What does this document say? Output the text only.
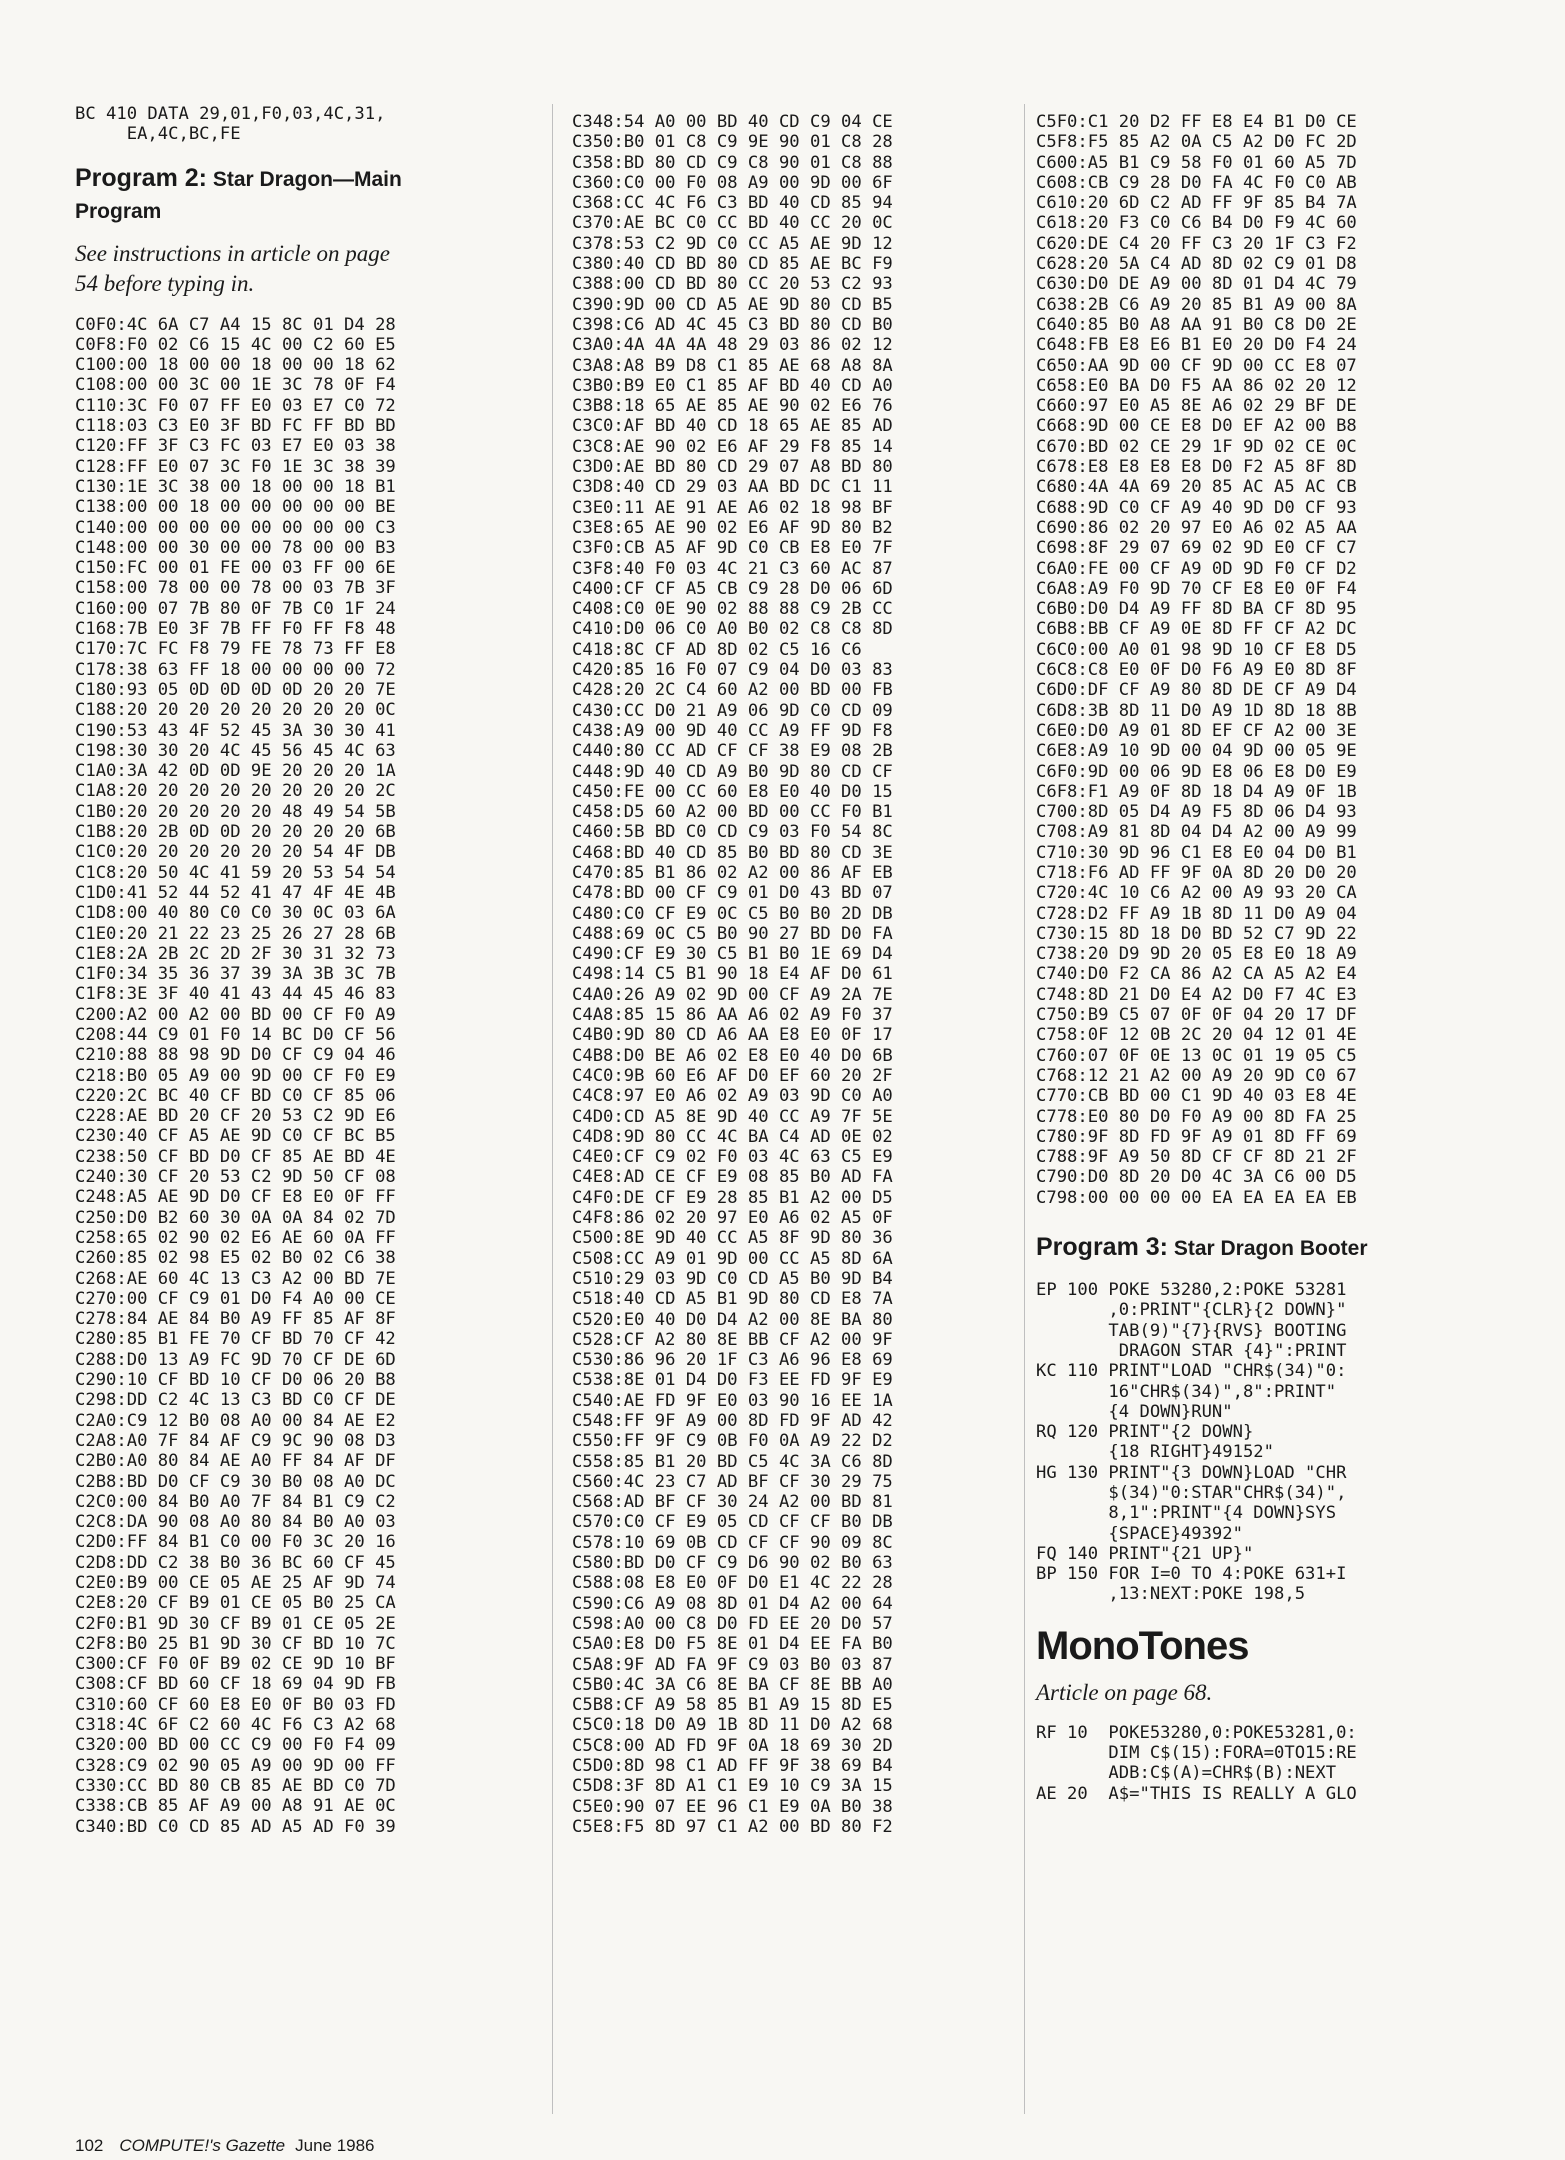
BC 410 DATA 29,01,F0,03,4C,31,
EA,4C,BC,FE
Program 2: Star Dragon—Main
Program
See instructions in article on page
54 before typing in.
C0F0:4C 6A C7 A4 15 8C 01 D4 28
C0F8:F0 02 C6 15 4C 00 C2 60 E5
C100:00 18 00 00 18 00 00 18 62
C108:00 00 3C 00 1E 3C 78 0F F4
C110:3C F0 07 FF E0 03 E7 C0 72
C118:03 C3 E0 3F BD FC FF BD BD
C120:FF 3F C3 FC 03 E7 E0 03 38
C128:FF E0 07 3C F0 1E 3C 38 39
C130:1E 3C 38 00 18 00 00 18 B1
C138:00 00 18 00 00 00 00 00 BE
C140:00 00 00 00 00 00 00 00 C3
C148:00 00 30 00 00 78 00 00 B3
C150:FC 00 01 FE 00 03 FF 00 6E
C158:00 78 00 00 78 00 03 7B 3F
C160:00 07 7B 80 0F 7B C0 1F 24
C168:7B E0 3F 7B FF F0 FF F8 48
C170:7C FC F8 79 FE 78 73 FF E8
C178:38 63 FF 18 00 00 00 00 72
C180:93 05 0D 0D 0D 0D 20 20 7E
C188:20 20 20 20 20 20 20 20 0C
C190:53 43 4F 52 45 3A 30 30 41
C198:30 30 20 4C 45 56 45 4C 63
C1A0:3A 42 0D 0D 9E 20 20 20 1A
C1A8:20 20 20 20 20 20 20 20 2C
C1B0:20 20 20 20 20 48 49 54 5B
C1B8:20 2B 0D 0D 20 20 20 20 6B
C1C0:20 20 20 20 20 20 54 4F DB
C1C8:20 50 4C 41 59 20 53 54 54
C1D0:41 52 44 52 41 47 4F 4E 4B
C1D8:00 40 80 C0 C0 30 0C 03 6A
C1E0:20 21 22 23 25 26 27 28 6B
C1E8:2A 2B 2C 2D 2F 30 31 32 73
C1F0:34 35 36 37 39 3A 3B 3C 7B
C1F8:3E 3F 40 41 43 44 45 46 83
C200:A2 00 A2 00 BD 00 CF F0 A9
C208:44 C9 01 F0 14 BC D0 CF 56
C210:88 88 98 9D D0 CF C9 04 46
C218:B0 05 A9 00 9D 00 CF F0 E9
C220:2C BC 40 CF BD C0 CF 85 06
C228:AE BD 20 CF 20 53 C2 9D E6
C230:40 CF A5 AE 9D C0 CF BC B5
C238:50 CF BD D0 CF 85 AE BD 4E
C240:30 CF 20 53 C2 9D 50 CF 08
C248:A5 AE 9D D0 CF E8 E0 0F FF
C250:D0 B2 60 30 0A 0A 84 02 7D
C258:65 02 90 02 E6 AE 60 0A FF
C260:85 02 98 E5 02 B0 02 C6 38
C268:AE 60 4C 13 C3 A2 00 BD 7E
C270:00 CF C9 01 D0 F4 A0 00 CE
C278:84 AE 84 B0 A9 FF 85 AF 8F
C280:85 B1 FE 70 CF BD 70 CF 42
C288:D0 13 A9 FC 9D 70 CF DE 6D
C290:10 CF BD 10 CF D0 06 20 B8
C298:DD C2 4C 13 C3 BD C0 CF DE
C2A0:C9 12 B0 08 A0 00 84 AE E2
C2A8:A0 7F 84 AF C9 9C 90 08 D3
C2B0:A0 80 84 AE A0 FF 84 AF DF
C2B8:BD D0 CF C9 30 B0 08 A0 DC
C2C0:00 84 B0 A0 7F 84 B1 C9 C2
C2C8:DA 90 08 A0 80 84 B0 A0 03
C2D0:FF 84 B1 C0 00 F0 3C 20 16
C2D8:DD C2 38 B0 36 BC 60 CF 45
C2E0:B9 00 CE 05 AE 25 AF 9D 74
C2E8:20 CF B9 01 CE 05 B0 25 CA
C2F0:B1 9D 30 CF B9 01 CE 05 2E
C2F8:B0 25 B1 9D 30 CF BD 10 7C
C300:CF F0 0F B9 02 CE 9D 10 BF
C308:CF BD 60 CF 18 69 04 9D FB
C310:60 CF 60 E8 E0 0F B0 03 FD
C318:4C 6F C2 60 4C F6 C3 A2 68
C320:00 BD 00 CC C9 00 F0 F4 09
C328:C9 02 90 05 A9 00 9D 00 FF
C330:CC BD 80 CB 85 AE BD C0 7D
C338:CB 85 AF A9 00 A8 91 AE 0C
C340:BD C0 CD 85 AD A5 AD F0 39
C348:54 A0 00 BD 40 CD C9 04 CE
C350:B0 01 C8 C9 9E 90 01 C8 28
C358:BD 80 CD C9 C8 90 01 C8 88
C360:C0 00 F0 08 A9 00 9D 00 6F
C368:CC 4C F6 C3 BD 40 CD 85 94
C370:AE BC C0 CC BD 40 CC 20 0C
C378:53 C2 9D C0 CC A5 AE 9D 12
C380:40 CD BD 80 CD 85 AE BC F9
C388:00 CD BD 80 CC 20 53 C2 93
C390:9D 00 CD A5 AE 9D 80 CD B5
C398:C6 AD 4C 45 C3 BD 80 CD B0
C3A0:4A 4A 4A 48 29 03 86 02 12
C3A8:A8 B9 D8 C1 85 AE 68 A8 8A
C3B0:B9 E0 C1 85 AF BD 40 CD A0
C3B8:18 65 AE 85 AE 90 02 E6 76
C3C0:AF BD 40 CD 18 65 AE 85 AD
C3C8:AE 90 02 E6 AF 29 F8 85 14
C3D0:AE BD 80 CD 29 07 A8 BD 80
C3D8:40 CD 29 03 AA BD DC C1 11
C3E0:11 AE 91 AE A6 02 18 98 BF
C3E8:65 AE 90 02 E6 AF 9D 80 B2
C3F0:CB A5 AF 9D C0 CB E8 E0 7F
C3F8:40 F0 03 4C 21 C3 60 AC 87
C400:CF CF A5 CB C9 28 D0 06 6D
C408:C0 0E 90 02 88 88 C9 2B CC
C410:D0 06 C0 A0 B0 02 C8 C8 8D
C418:8C CF AD 8D 02 C5 16 C6
C420:85 16 F0 07 C9 04 D0 03 83
C428:20 2C C4 60 A2 00 BD 00 FB
C430:CC D0 21 A9 06 9D C0 CD 09
C438:A9 00 9D 40 CC A9 FF 9D F8
C440:80 CC AD CF CF 38 E9 08 2B
C448:9D 40 CD A9 B0 9D 80 CD CF
C450:FE 00 CC 60 E8 E0 40 D0 15
C458:D5 60 A2 00 BD 00 CC F0 B1
C460:5B BD C0 CD C9 03 F0 54 8C
C468:BD 40 CD 85 B0 BD 80 CD 3E
C470:85 B1 86 02 A2 00 86 AF EB
C478:BD 00 CF C9 01 D0 43 BD 07
C480:C0 CF E9 0C C5 B0 B0 2D DB
C488:69 0C C5 B0 90 27 BD D0 FA
C490:CF E9 30 C5 B1 B0 1E 69 D4
C498:14 C5 B1 90 18 E4 AF D0 61
C4A0:26 A9 02 9D 00 CF A9 2A 7E
C4A8:85 15 86 AA A6 02 A9 F0 37
C4B0:9D 80 CD A6 AA E8 E0 0F 17
C4B8:D0 BE A6 02 E8 E0 40 D0 6B
C4C0:9B 60 E6 AF D0 EF 60 20 2F
C4C8:97 E0 A6 02 A9 03 9D C0 A0
C4D0:CD A5 8E 9D 40 CC A9 7F 5E
C4D8:9D 80 CC 4C BA C4 AD 0E 02
C4E0:CF C9 02 F0 03 4C 63 C5 E9
C4E8:AD CE CF E9 08 85 B0 AD FA
C4F0:DE CF E9 28 85 B1 A2 00 D5
C4F8:86 02 20 97 E0 A6 02 A5 0F
C500:8E 9D 40 CC A5 8F 9D 80 36
C508:CC A9 01 9D 00 CC A5 8D 6A
C510:29 03 9D C0 CD A5 B0 9D B4
C518:40 CD A5 B1 9D 80 CD E8 7A
C520:E0 40 D0 D4 A2 00 8E BA 80
C528:CF A2 80 8E BB CF A2 00 9F
C530:86 96 20 1F C3 A6 96 E8 69
C538:8E 01 D4 D0 F3 EE FD 9F E9
C540:AE FD 9F E0 03 90 16 EE 1A
C548:FF 9F A9 00 8D FD 9F AD 42
C550:FF 9F C9 0B F0 0A A9 22 D2
C558:85 B1 20 BD C5 4C 3A C6 8D
C560:4C 23 C7 AD BF CF 30 29 75
C568:AD BF CF 30 24 A2 00 BD 81
C570:C0 CF E9 05 CD CF CF B0 DB
C578:10 69 0B CD CF CF 90 09 8C
C580:BD D0 CF C9 D6 90 02 B0 63
C588:08 E8 E0 0F D0 E1 4C 22 28
C590:C6 A9 08 8D 01 D4 A2 00 64
C598:A0 00 C8 D0 FD EE 20 D0 57
C5A0:E8 D0 F5 8E 01 D4 EE FA B0
C5A8:9F AD FA 9F C9 03 B0 03 87
C5B0:4C 3A C6 8E BA CF 8E BB A0
C5B8:CF A9 58 85 B1 A9 15 8D E5
C5C0:18 D0 A9 1B 8D 11 D0 A2 68
C5C8:00 AD FD 9F 0A 18 69 30 2D
C5D0:8D 98 C1 AD FF 9F 38 69 B4
C5D8:3F 8D A1 C1 E9 10 C9 3A 15
C5E0:90 07 EE 96 C1 E9 0A B0 38
C5E8:F5 8D 97 C1 A2 00 BD 80 F2
C5F0:C1 20 D2 FF E8 E4 B1 D0 CE
C5F8:F5 85 A2 0A C5 A2 D0 FC 2D
C600:A5 B1 C9 58 F0 01 60 A5 7D
C608:CB C9 28 D0 FA 4C F0 C0 AB
C610:20 6D C2 AD FF 9F 85 B4 7A
C618:20 F3 C0 C6 B4 D0 F9 4C 60
C620:DE C4 20 FF C3 20 1F C3 F2
C628:20 5A C4 AD 8D 02 C9 01 D8
C630:D0 DE A9 00 8D 01 D4 4C 79
C638:2B C6 A9 20 85 B1 A9 00 8A
C640:85 B0 A8 AA 91 B0 C8 D0 2E
C648:FB E8 E6 B1 E0 20 D0 F4 24
C650:AA 9D 00 CF 9D 00 CC E8 07
C658:E0 BA D0 F5 AA 86 02 20 12
C660:97 E0 A5 8E A6 02 29 BF DE
C668:9D 00 CE E8 D0 EF A2 00 B8
C670:BD 02 CE 29 1F 9D 02 CE 0C
C678:E8 E8 E8 E8 D0 F2 A5 8F 8D
C680:4A 4A 69 20 85 AC A5 AC CB
C688:9D C0 CF A9 40 9D D0 CF 93
C690:86 02 20 97 E0 A6 02 A5 AA
C698:8F 29 07 69 02 9D E0 CF C7
C6A0:FE 00 CF A9 0D 9D F0 CF D2
C6A8:A9 F0 9D 70 CF E8 E0 0F F4
C6B0:D0 D4 A9 FF 8D BA CF 8D 95
C6B8:BB CF A9 0E 8D FF CF A2 DC
C6C0:00 A0 01 98 9D 10 CF E8 D5
C6C8:C8 E0 0F D0 F6 A9 E0 8D 8F
C6D0:DF CF A9 80 8D DE CF A9 D4
C6D8:3B 8D 11 D0 A9 1D 8D 18 8B
C6E0:D0 A9 01 8D EF CF A2 00 3E
C6E8:A9 10 9D 00 04 9D 00 05 9E
C6F0:9D 00 06 9D E8 06 E8 D0 E9
C6F8:F1 A9 0F 8D 18 D4 A9 0F 1B
C700:8D 05 D4 A9 F5 8D 06 D4 93
C708:A9 81 8D 04 D4 A2 00 A9 99
C710:30 9D 96 C1 E8 E0 04 D0 B1
C718:F6 AD FF 9F 0A 8D 20 D0 20
C720:4C 10 C6 A2 00 A9 93 20 CA
C728:D2 FF A9 1B 8D 11 D0 A9 04
C730:15 8D 18 D0 BD 52 C7 9D 22
C738:20 D9 9D 20 05 E8 E0 18 A9
C740:D0 F2 CA 86 A2 CA A5 A2 E4
C748:8D 21 D0 E4 A2 D0 F7 4C E3
C750:B9 C5 07 0F 0F 04 20 17 DF
C758:0F 12 0B 2C 20 04 12 01 4E
C760:07 0F 0E 13 0C 01 19 05 C5
C768:12 21 A2 00 A9 20 9D C0 67
C770:CB BD 00 C1 9D 40 03 E8 4E
C778:E0 80 D0 F0 A9 00 8D FA 25
C780:9F 8D FD 9F A9 01 8D FF 69
C788:9F A9 50 8D CF CF 8D 21 2F
C790:D0 8D 20 D0 4C 3A C6 00 D5
C798:00 00 00 00 EA EA EA EA EB
Program 3: Star Dragon Booter
EP 100 POKE 53280,2:POKE 53281
,0:PRINT"{CLR}{2 DOWN}"
TAB(9)"{7}{RVS} BOOTING
DRAGON STAR {4}":PRINT
KC 110 PRINT"LOAD "CHR$(34)"0:
16"CHR$(34)",8":PRINT"
{4 DOWN}RUN"
RQ 120 PRINT"{2 DOWN}
{18 RIGHT}49152"
HG 130 PRINT"{3 DOWN}LOAD "CHR
$(34)"0:STAR"CHR$(34)",
8,1":PRINT"{4 DOWN}SYS
{SPACE}49392"
FQ 140 PRINT"{21 UP}"
BP 150 FOR I=0 TO 4:POKE 631+I
,13:NEXT:POKE 198,5
MonoTones
Article on page 68.
RF 10  POKE53280,0:POKE53281,0:
DIM C$(15):FORA=0TO15:RE
ADB:C$(A)=CHR$(B):NEXT
AE 20  A$="THIS IS REALLY A GLO
102 COMPUTE!'s Gazette June 1986
